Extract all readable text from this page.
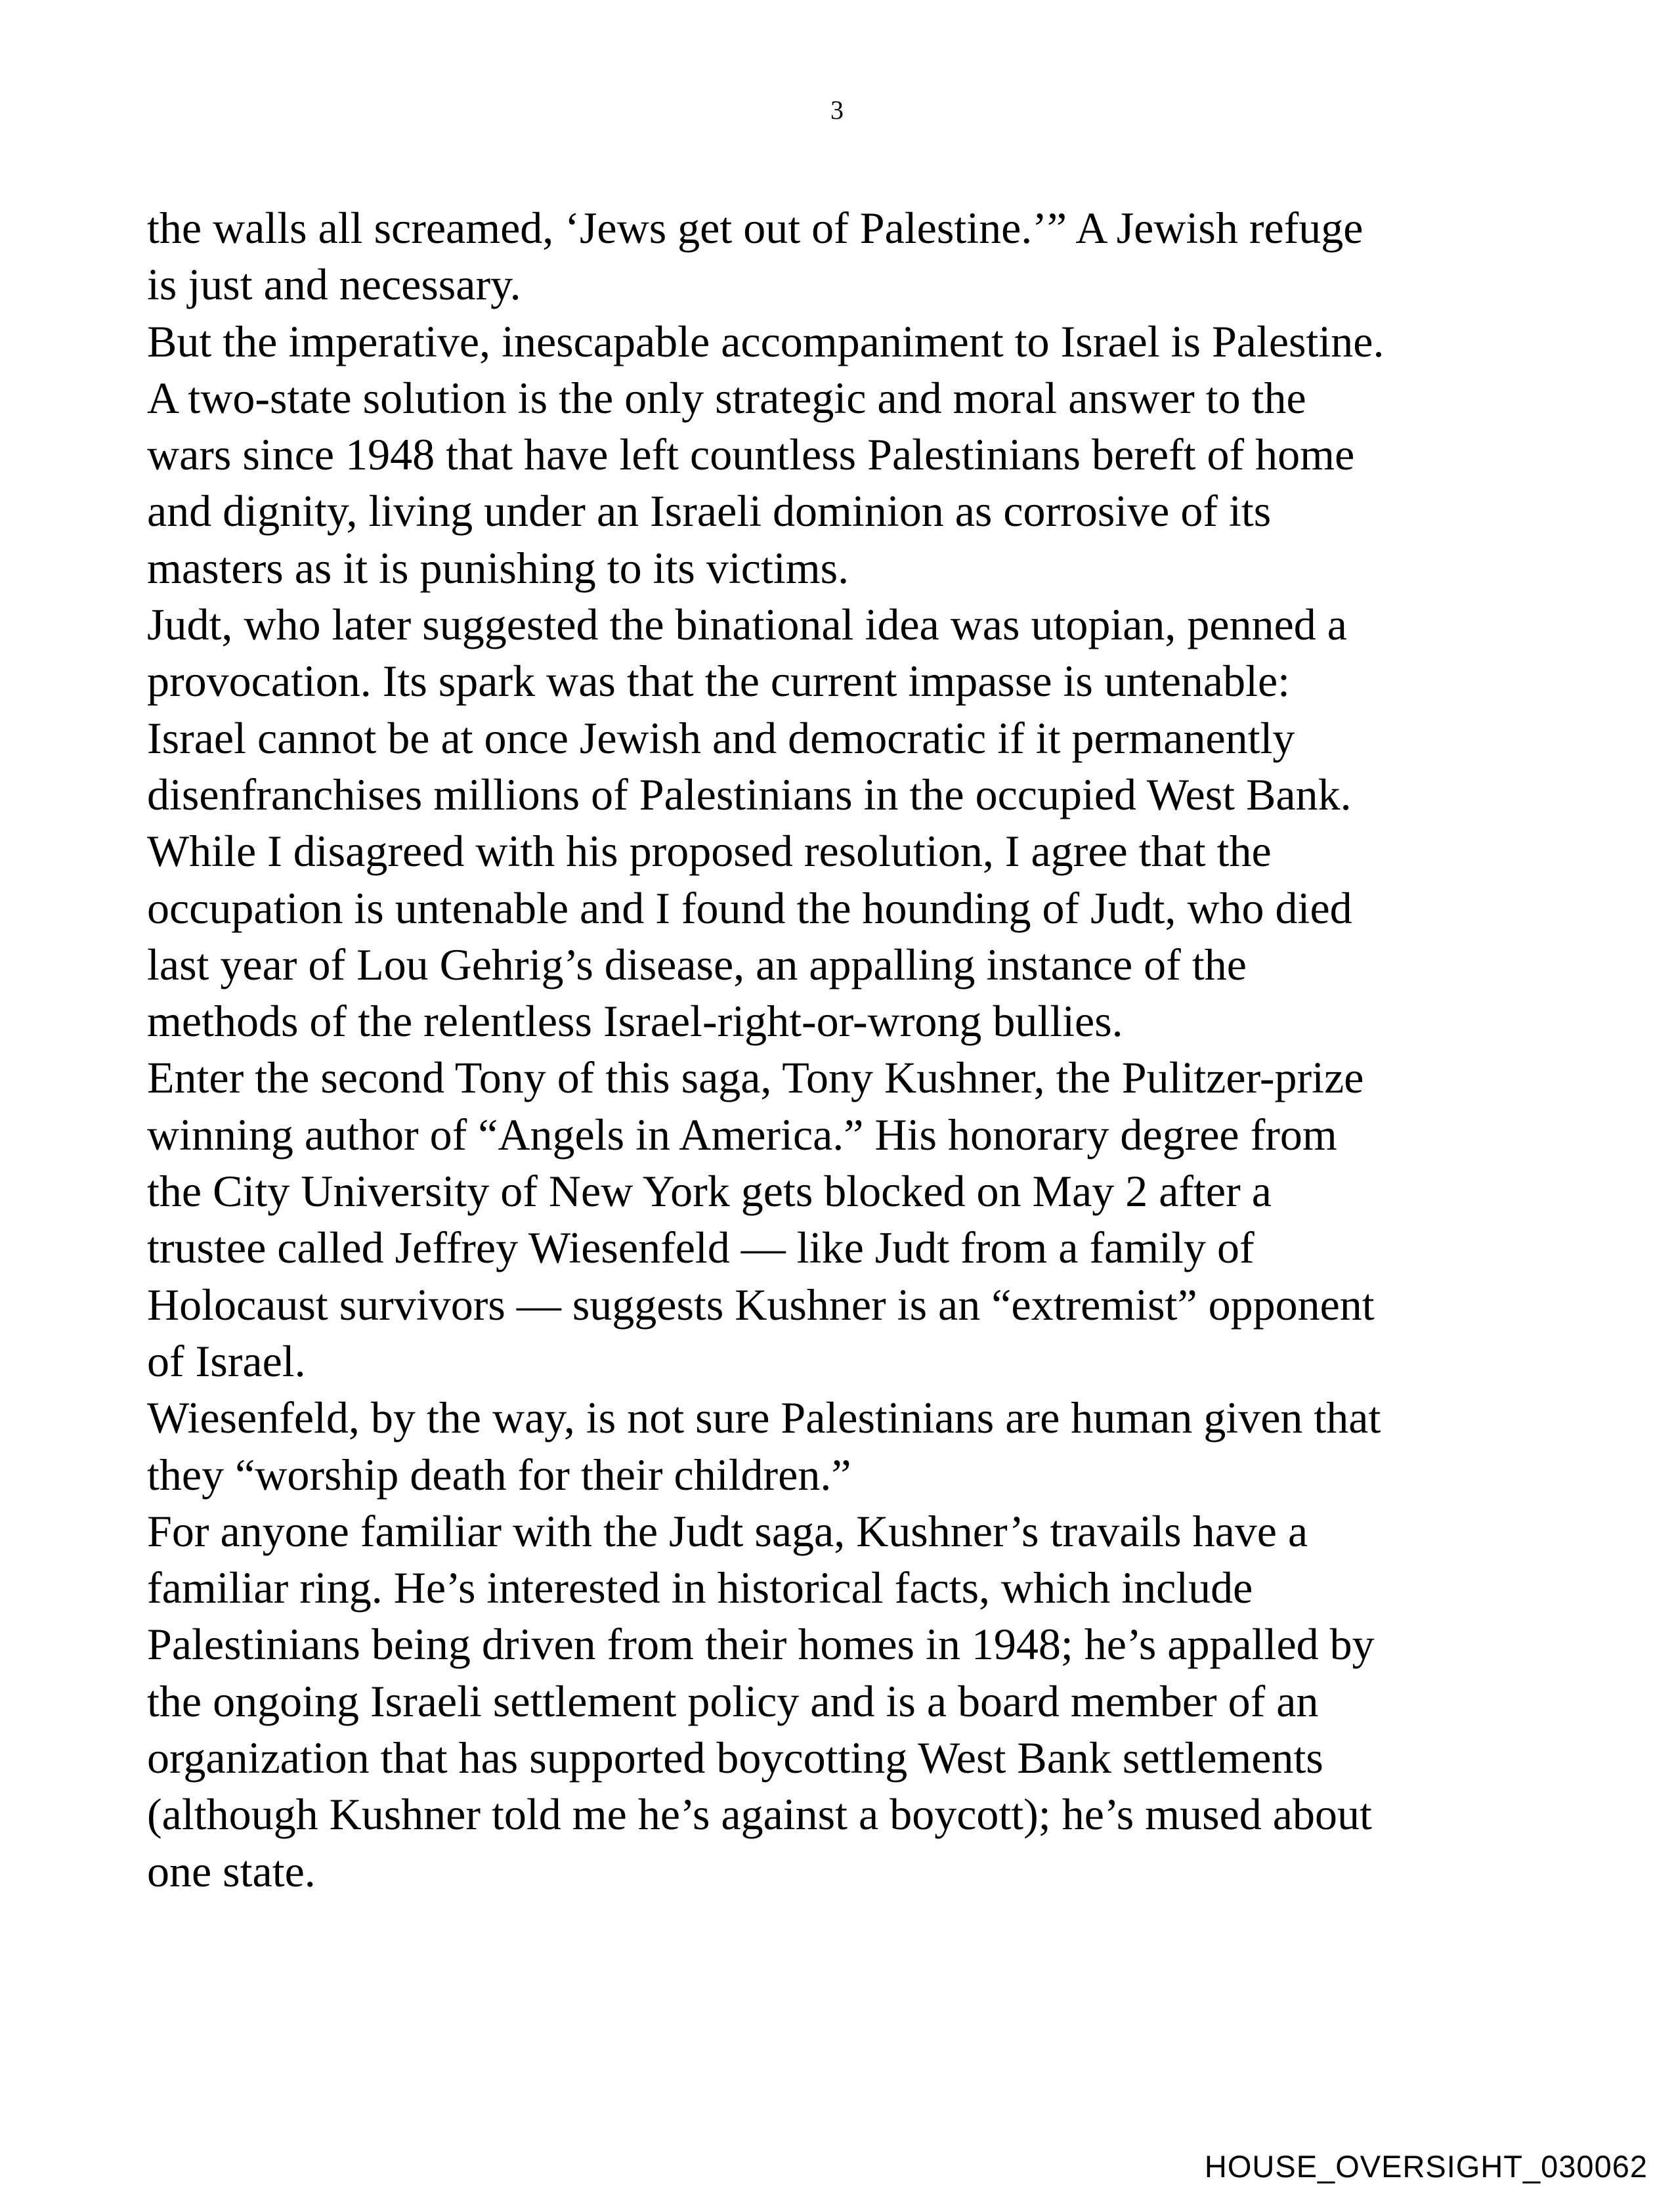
3
the walls all screamed, ‘Jews get out of Palestine.’” A Jewish refuge
is just and necessary.
But the imperative, inescapable accompaniment to Israel is Palestine.
A two-state solution is the only strategic and moral answer to the
wars since 1948 that have left countless Palestinians bereft of home
and dignity, living under an Israeli dominion as corrosive of its
masters as it is punishing to its victims.
Judt, who later suggested the binational idea was utopian, penned a
provocation. Its spark was that the current impasse is untenable:
Israel cannot be at once Jewish and democratic if it permanently
disenfranchises millions of Palestinians in the occupied West Bank.
While I disagreed with his proposed resolution, I agree that the
occupation is untenable and I found the hounding of Judt, who died
last year of Lou Gehrig’s disease, an appalling instance of the
methods of the relentless Israel-right-or-wrong bullies.
Enter the second Tony of this saga, Tony Kushner, the Pulitzer-prize
winning author of “Angels in America.” His honorary degree from
the City University of New York gets blocked on May 2 after a
trustee called Jeffrey Wiesenfeld — like Judt from a family of
Holocaust survivors — suggests Kushner is an “extremist” opponent
of Israel.
Wiesenfeld, by the way, is not sure Palestinians are human given that
they “worship death for their children.”
For anyone familiar with the Judt saga, Kushner’s travails have a
familiar ring. He’s interested in historical facts, which include
Palestinians being driven from their homes in 1948; he’s appalled by
the ongoing Israeli settlement policy and is a board member of an
organization that has supported boycotting West Bank settlements
(although Kushner told me he’s against a boycott); he’s mused about
one state.
HOUSE_OVERSIGHT_030062
